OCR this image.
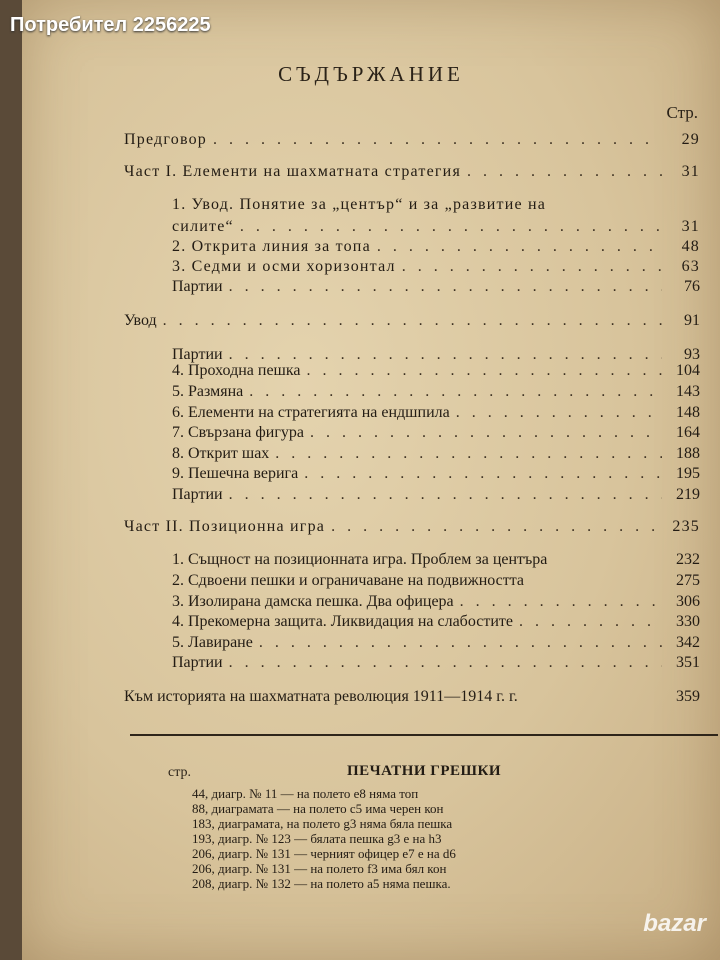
СЪДЪРЖАНИЕ
Стр.
Предговор . . .	29
Част I. Елементи на шахматната стратегия . . .	31
1. Увод. Понятие за „център“ и за „развитие на
силите“ . . .	31
2. Открита линия за топа . . .	48
3. Седми и осми хоризонтал . . .	63
Партии . . .	76
Увод . . .	91
Партии . . .	93
4. Проходна пешка . . .	104
5. Размяна . . .	143
6. Елементи на стратегията на ендшпила . . .	148
7. Свързана фигура . . .	164
8. Открит шах . . .	188
9. Пешечна верига . . .	195
Партии . . .	219
Част II. Позиционна игра . . .	235
1. Същност на позиционната игра. Проблем за центъра	232
2. Сдвоени пешки и ограничаване на подвижността	275
3. Изолирана дамска пешка. Два офицера . . .	306
4. Прекомерна защита. Ликвидация на слабостите . . .	330
5. Лавиране . . .	342
Партии . . .	351
Към историята на шахматната революция 1911—1914 г. г.	359
стр.	ПЕЧАТНИ ГРЕШКИ
44, диагр. № 11 — на полето е8 няма топ
88, диаграмата — на полето с5 има черен кон
183, диаграмата, на полето g3 няма бяла пешка
193, диагр. № 123 — бялата пешка g3 е на h3
206, диагр. № 131 — черният офицер е7 е на d6
206, диагр. № 131 — на полето f3 има бял кон
208, диагр. № 132 — на полето а5 няма пешка.
Потребител 2256225
bazar
